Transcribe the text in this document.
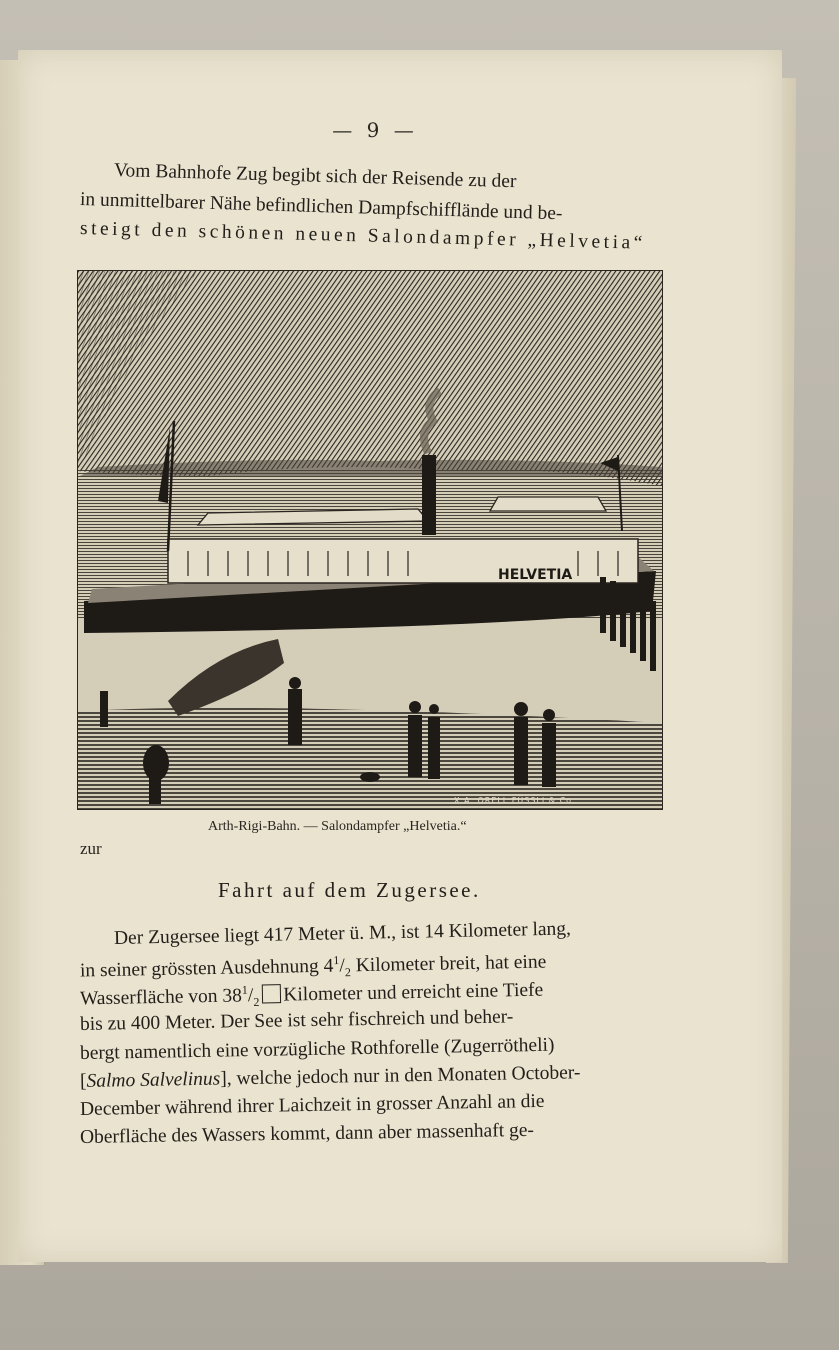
— 9 —
Vom Bahnhofe Zug begibt sich der Reisende zu der
in unmittelbarer Nähe befindlichen Dampfschifflände und be-
steigt den schönen neuen Salondampfer „Helvetia“
HELVETIA
X.A. ORELL FÜSSLI & Co.
Arth-Rigi-Bahn. — Salondampfer „Helvetia.“
zur
Fahrt auf dem Zugersee.
Der Zugersee liegt 417 Meter ü. M., ist 14 Kilometer lang,
in seiner grössten Ausdehnung $4^1/_2$ Kilometer breit, hat eine
Wasserfläche von $38^1/_2$ Kilometer und erreicht eine Tiefe
bis zu 400 Meter. Der See ist sehr fischreich und beher-
bergt namentlich eine vorzügliche Rothforelle (Zugerrötheli)
[Salmo Salvelinus], welche jedoch nur in den Monaten October-
December während ihrer Laichzeit in grosser Anzahl an die
Oberfläche des Wassers kommt, dann aber massenhaft ge-
